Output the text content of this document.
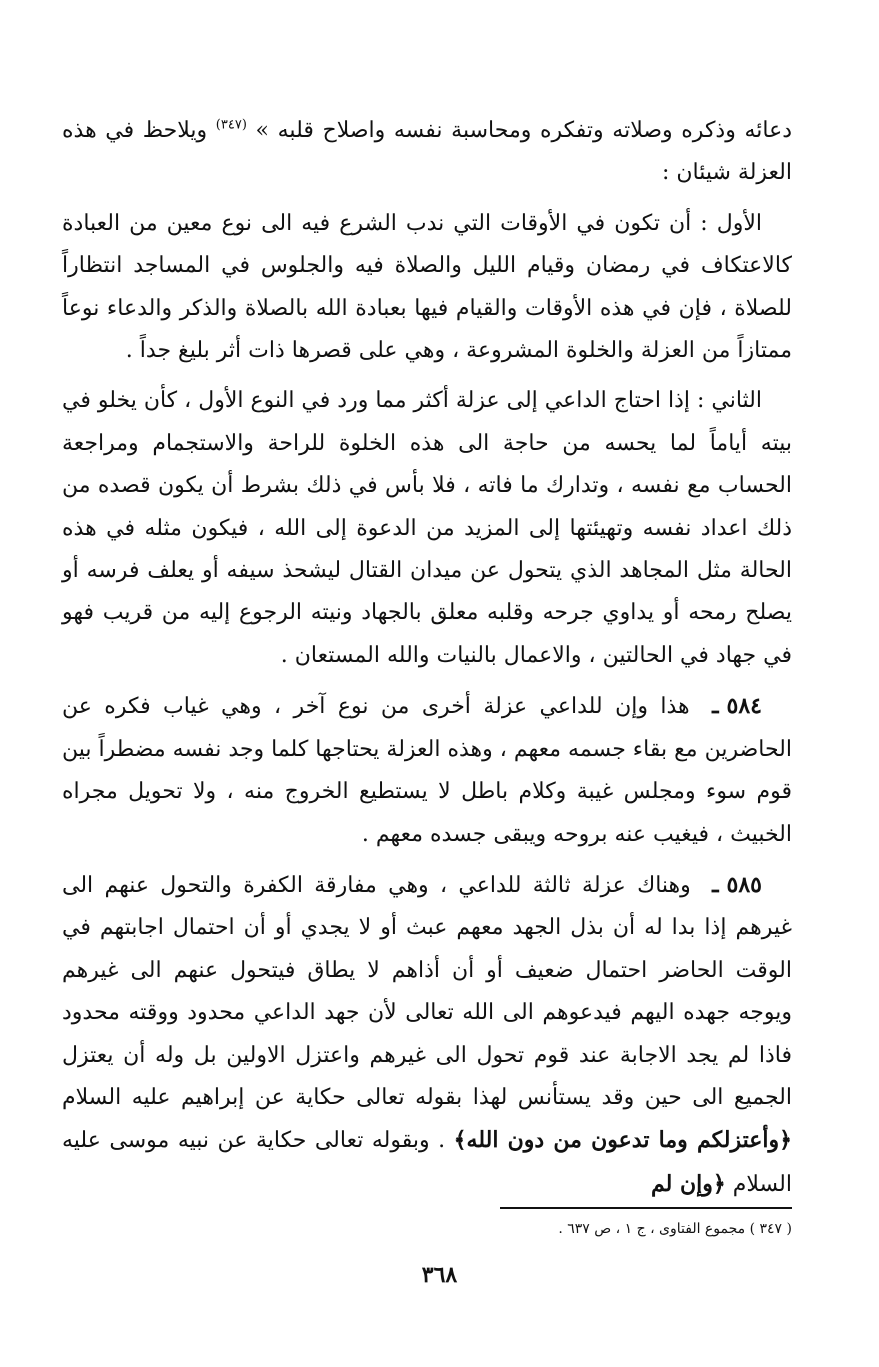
دعائه وذكره وصلاته وتفكره ومحاسبة نفسه واصلاح قلبه » $^{(٣٤٧)}$ ويلاحظ في هذه العزلة شيئان :

الأول : أن تكون في الأوقات التي ندب الشرع فيه الى نوع معين من العبادة كالاعتكاف في رمضان وقيام الليل والصلاة فيه والجلوس في المساجد انتظاراً للصلاة ، فإن في هذه الأوقات والقيام فيها بعبادة الله بالصلاة والذكر والدعاء نوعاً ممتازاً من العزلة والخلوة المشروعة ، وهي على قصرها ذات أثر بليغ جداً .

الثاني : إذا احتاج الداعي إلى عزلة أكثر مما ورد في النوع الأول ، كأن يخلو في بيته أياماً لما يحسه من حاجة الى هذه الخلوة للراحة والاستجمام ومراجعة الحساب مع نفسه ، وتدارك ما فاته ، فلا بأس في ذلك بشرط أن يكون قصده من ذلك اعداد نفسه وتهيئتها إلى المزيد من الدعوة إلى الله ، فيكون مثله في هذه الحالة مثل المجاهد الذي يتحول عن ميدان القتال ليشحذ سيفه أو يعلف فرسه أو يصلح رمحه أو يداوي جرحه وقلبه معلق بالجهاد ونيته الرجوع إليه من قريب فهو في جهاد في الحالتين ، والاعمال بالنيات والله المستعان .

٥٨٤ـ هذا وإن للداعي عزلة أخرى من نوع آخر ، وهي غياب فكره عن الحاضرين مع بقاء جسمه معهم ، وهذه العزلة يحتاجها كلما وجد نفسه مضطراً بين قوم سوء ومجلس غيبة وكلام باطل لا يستطيع الخروج منه ، ولا تحويل مجراه الخبيث ، فيغيب عنه بروحه ويبقى جسده معهم .

٥٨٥ـ وهناك عزلة ثالثة للداعي ، وهي مفارقة الكفرة والتحول عنهم الى غيرهم إذا بدا له أن بذل الجهد معهم عبث أو لا يجدي أو أن احتمال اجابتهم في الوقت الحاضر احتمال ضعيف أو أن أذاهم لا يطاق فيتحول عنهم الى غيرهم ويوجه جهده اليهم فيدعوهم الى الله تعالى لأن جهد الداعي محدود ووقته محدود فاذا لم يجد الاجابة عند قوم تحول الى غيرهم واعتزل الاولين بل وله أن يعتزل الجميع الى حين وقد يستأنس لهذا بقوله تعالى حكاية عن إبراهيم عليه السلام ﴿وأعتزلكم وما تدعون من دون الله﴾ . وبقوله تعالى حكاية عن نبيه موسى عليه السلام ﴿وإن لم

( ٣٤٧ ) مجموع الفتاوى ، ج ١ ، ص ٦٣٧ .
٣٦٨
